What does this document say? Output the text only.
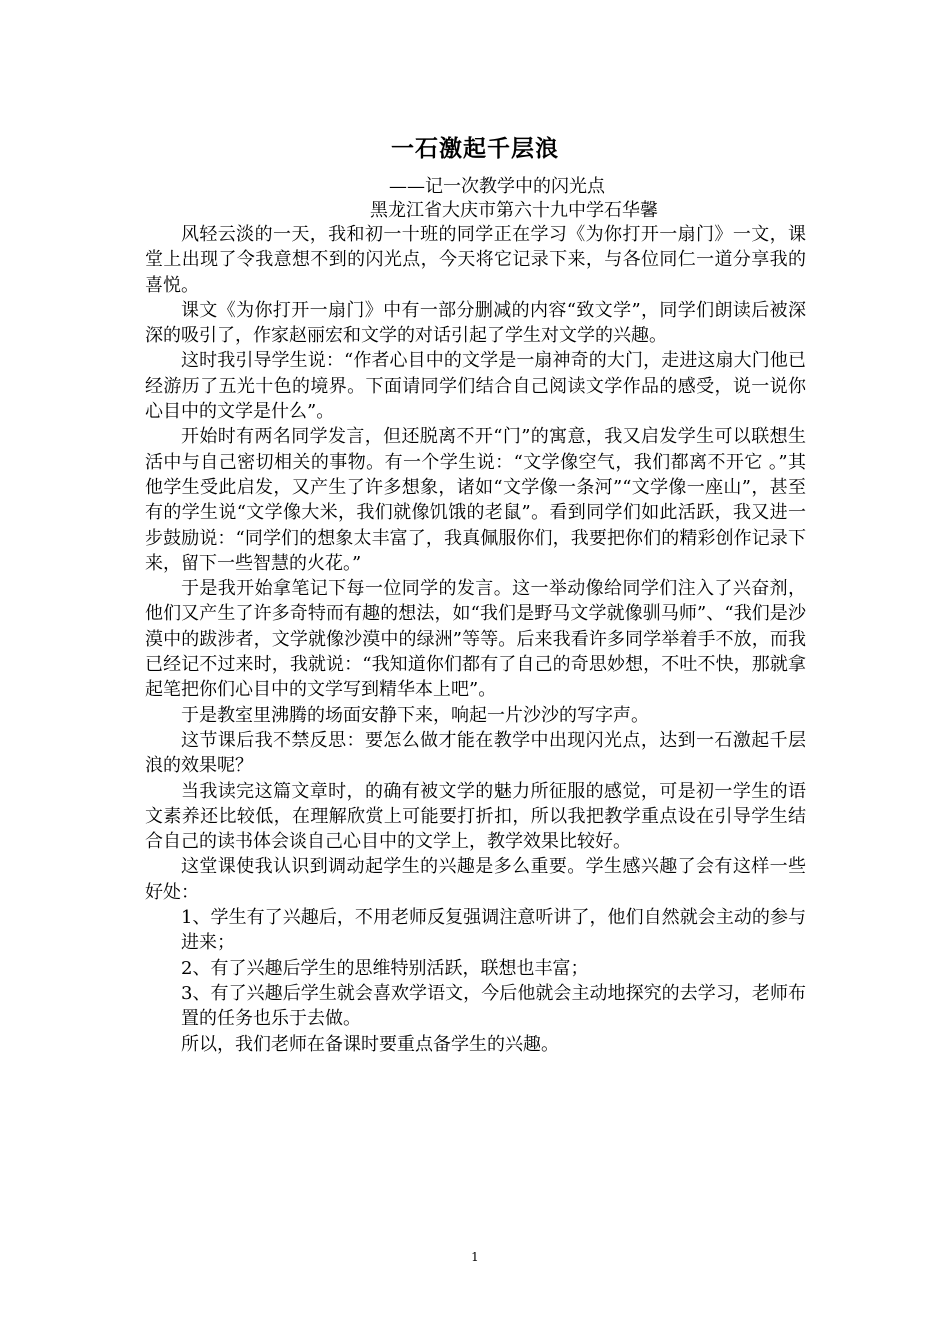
一石激起千层浪
——记一次教学中的闪光点
黑龙江省大庆市第六十九中学石华馨

风轻云淡的一天，我和初一十班的同学正在学习《为你打开一扇门》一文，课堂上出现了令我意想不到的闪光点，今天将它记录下来，与各位同仁一道分享我的喜悦。

课文《为你打开一扇门》中有一部分删减的内容“致文学”，同学们朗读后被深深的吸引了，作家赵丽宏和文学的对话引起了学生对文学的兴趣。

这时我引导学生说：“作者心目中的文学是一扇神奇的大门，走进这扇大门他已经游历了五光十色的境界。下面请同学们结合自己阅读文学作品的感受，说一说你心目中的文学是什么”。

开始时有两名同学发言，但还脱离不开“门”的寓意，我又启发学生可以联想生活中与自己密切相关的事物。有一个学生说：“文学像空气，我们都离不开它 。”其他学生受此启发，又产生了许多想象，诸如“文学像一条河”“文学像一座山”，甚至有的学生说“文学像大米，我们就像饥饿的老鼠”。看到同学们如此活跃，我又进一步鼓励说：“同学们的想象太丰富了，我真佩服你们，我要把你们的精彩创作记录下来，留下一些智慧的火花。”

于是我开始拿笔记下每一位同学的发言。这一举动像给同学们注入了兴奋剂，他们又产生了许多奇特而有趣的想法，如“我们是野马文学就像驯马师”、“我们是沙漠中的跋涉者，文学就像沙漠中的绿洲”等等。后来我看许多同学举着手不放，而我已经记不过来时，我就说：“我知道你们都有了自己的奇思妙想，不吐不快，那就拿起笔把你们心目中的文学写到精华本上吧”。

于是教室里沸腾的场面安静下来，响起一片沙沙的写字声。

这节课后我不禁反思：要怎么做才能在教学中出现闪光点，达到一石激起千层浪的效果呢？

当我读完这篇文章时，的确有被文学的魅力所征服的感觉，可是初一学生的语文素养还比较低，在理解欣赏上可能要打折扣，所以我把教学重点设在引导学生结合自己的读书体会谈自己心目中的文学上，教学效果比较好。

这堂课使我认识到调动起学生的兴趣是多么重要。学生感兴趣了会有这样一些好处：

1、学生有了兴趣后，不用老师反复强调注意听讲了，他们自然就会主动的参与进来；

2、有了兴趣后学生的思维特别活跃，联想也丰富；

3、有了兴趣后学生就会喜欢学语文，今后他就会主动地探究的去学习，老师布置的任务也乐于去做。

所以，我们老师在备课时要重点备学生的兴趣。

1
